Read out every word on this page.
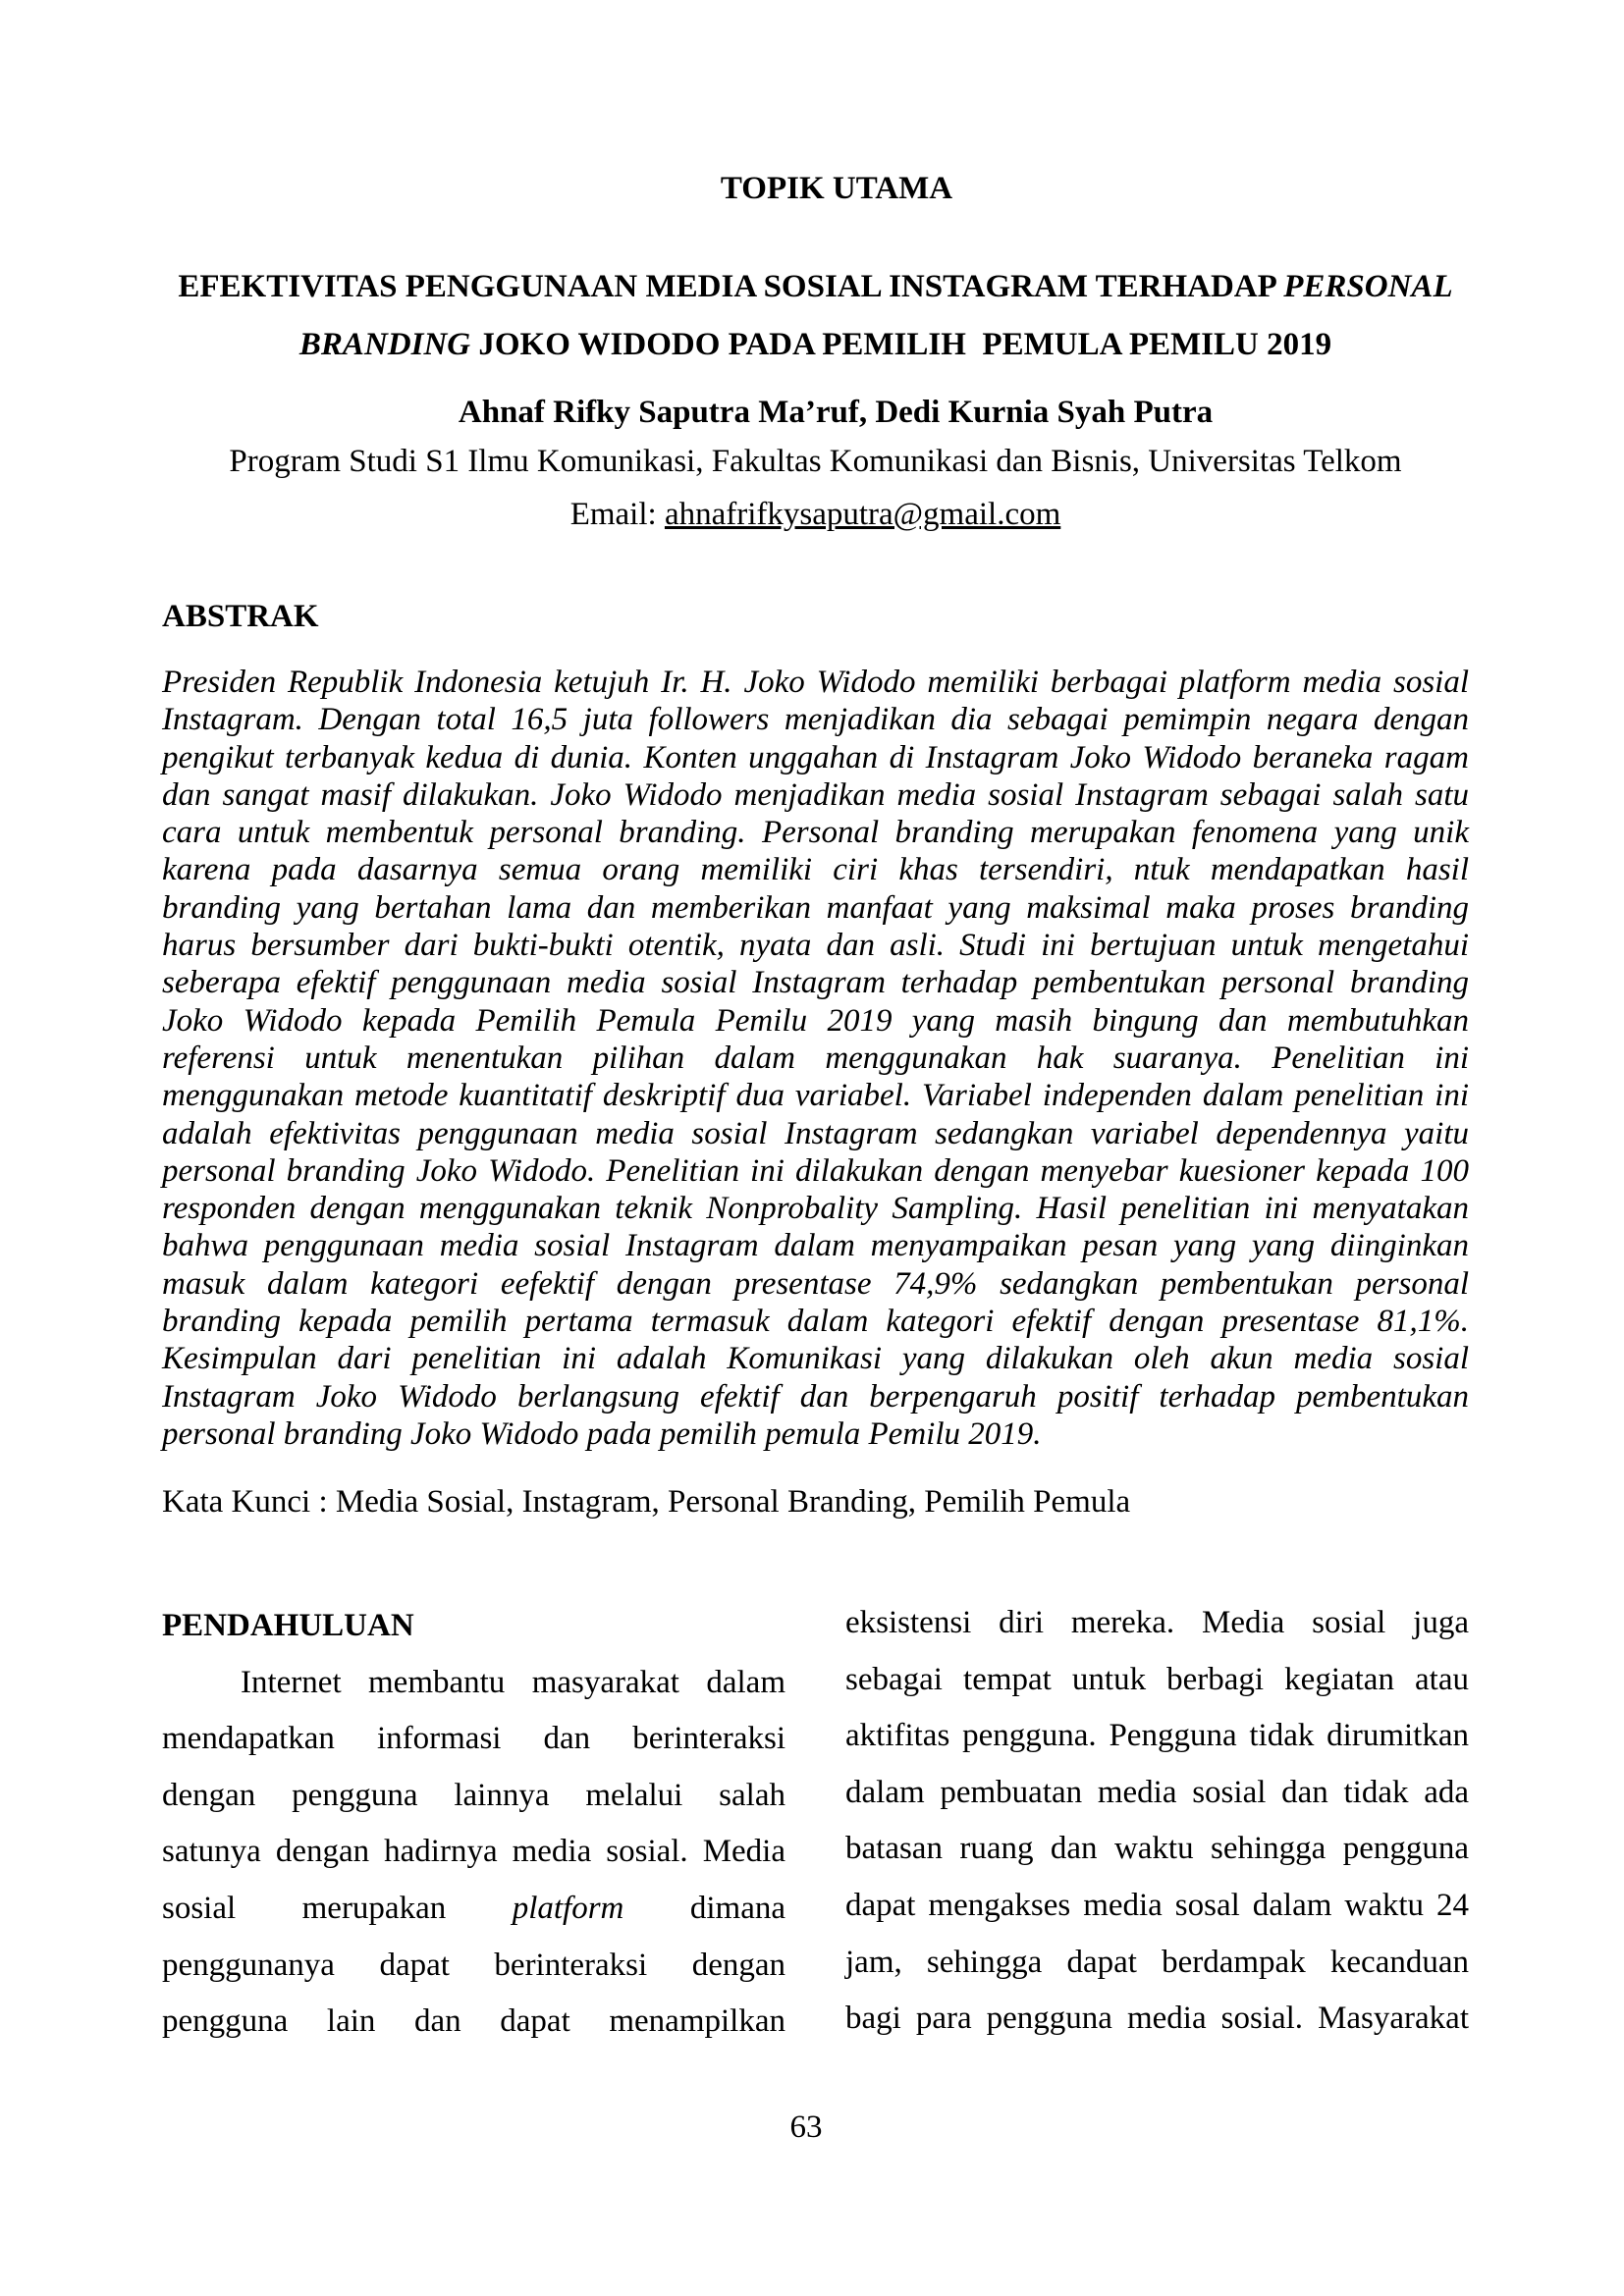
TOPIK UTAMA
EFEKTIVITAS PENGGUNAAN MEDIA SOSIAL INSTAGRAM TERHADAP PERSONAL
BRANDING JOKO WIDODO PADA PEMILIH  PEMULA PEMILU 2019
Ahnaf Rifky Saputra Ma’ruf, Dedi Kurnia Syah Putra
Program Studi S1 Ilmu Komunikasi, Fakultas Komunikasi dan Bisnis, Universitas Telkom
Email: ahnafrifkysaputra@gmail.com
ABSTRAK
Presiden Republik Indonesia ketujuh Ir. H. Joko Widodo memiliki berbagai platform media sosial
Instagram. Dengan total 16,5 juta followers menjadikan dia sebagai pemimpin negara dengan
pengikut terbanyak kedua di dunia. Konten unggahan di Instagram Joko Widodo beraneka ragam
dan sangat masif dilakukan. Joko Widodo menjadikan media sosial Instagram sebagai salah satu
cara untuk membentuk personal branding. Personal branding merupakan fenomena yang unik
karena pada dasarnya semua orang memiliki ciri khas tersendiri, ntuk mendapatkan hasil
branding yang bertahan lama dan memberikan manfaat yang maksimal maka proses branding
harus bersumber dari bukti-bukti otentik, nyata dan asli. Studi ini bertujuan untuk mengetahui
seberapa efektif penggunaan media sosial Instagram terhadap pembentukan personal branding
Joko Widodo kepada Pemilih Pemula Pemilu 2019 yang masih bingung dan membutuhkan
referensi untuk menentukan pilihan dalam menggunakan hak suaranya. Penelitian ini
menggunakan metode kuantitatif deskriptif dua variabel. Variabel independen dalam penelitian ini
adalah efektivitas penggunaan media sosial Instagram sedangkan variabel dependennya yaitu
personal branding Joko Widodo. Penelitian ini dilakukan dengan menyebar kuesioner kepada 100
responden dengan menggunakan teknik Nonprobality Sampling. Hasil penelitian ini menyatakan
bahwa penggunaan media sosial Instagram dalam menyampaikan pesan yang yang diinginkan
masuk dalam kategori eefektif dengan presentase 74,9% sedangkan pembentukan personal
branding kepada pemilih pertama termasuk dalam kategori efektif dengan presentase 81,1%.
Kesimpulan dari penelitian ini adalah Komunikasi yang dilakukan oleh akun media sosial
Instagram Joko Widodo berlangsung efektif dan berpengaruh positif terhadap pembentukan
personal branding Joko Widodo pada pemilih pemula Pemilu 2019.
Kata Kunci : Media Sosial, Instagram, Personal Branding, Pemilih Pemula
PENDAHULUAN
Internet membantu masyarakat dalam
mendapatkan informasi dan berinteraksi
dengan pengguna lainnya melalui salah
satunya dengan hadirnya media sosial. Media
sosial merupakan platform dimana
penggunanya dapat berinteraksi dengan
pengguna lain dan dapat menampilkan
eksistensi diri mereka. Media sosial juga
sebagai tempat untuk berbagi kegiatan atau
aktifitas pengguna. Pengguna tidak dirumitkan
dalam pembuatan media sosial dan tidak ada
batasan ruang dan waktu sehingga pengguna
dapat mengakses media sosal dalam waktu 24
jam, sehingga dapat berdampak kecanduan
bagi para pengguna media sosial. Masyarakat
63
